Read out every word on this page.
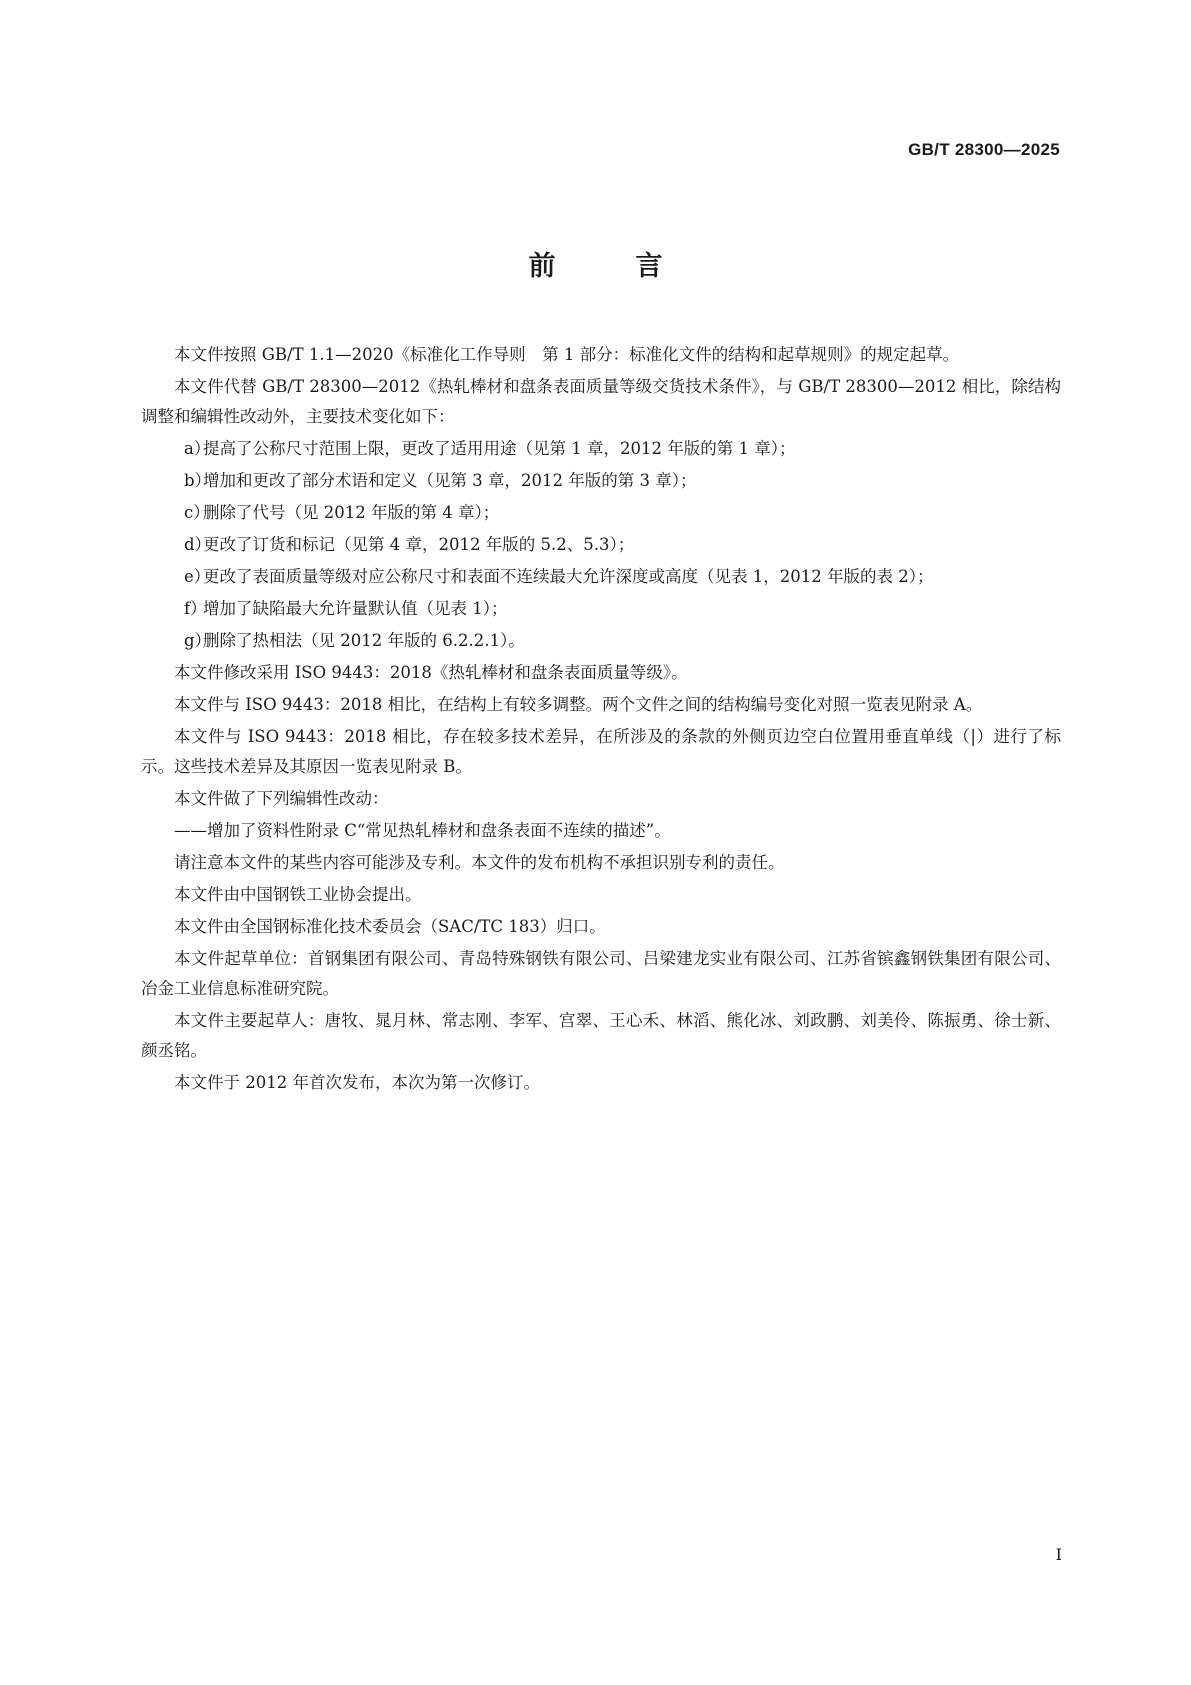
GB/T 28300—2025
前	言

本文件按照 GB/T 1.1—2020《标准化工作导则　第 1 部分：标准化文件的结构和起草规则》的规定起草。

本文件代替 GB/T 28300—2012《热轧棒材和盘条表面质量等级交货技术条件》，与 GB/T 28300—2012 相比，除结构调整和编辑性改动外，主要技术变化如下：

a）
提高了公称尺寸范围上限，更改了适用用途（见第 1 章，2012 年版的第 1 章）；
b）
增加和更改了部分术语和定义（见第 3 章，2012 年版的第 3 章）；
c）
删除了代号（见 2012 年版的第 4 章）；
d）
更改了订货和标记（见第 4 章，2012 年版的 5.2、5.3）；
e）
更改了表面质量等级对应公称尺寸和表面不连续最大允许深度或高度（见表 1，2012 年版的表 2）；
f）
增加了缺陷最大允许量默认值（见表 1）；
g）
删除了热相法（见 2012 年版的 6.2.2.1）。

本文件修改采用 ISO 9443：2018《热轧棒材和盘条表面质量等级》。

本文件与 ISO 9443：2018 相比，在结构上有较多调整。两个文件之间的结构编号变化对照一览表见附录 A。

本文件与 ISO 9443：2018 相比，存在较多技术差异，在所涉及的条款的外侧页边空白位置用垂直单线（|）进行了标示。这些技术差异及其原因一览表见附录 B。

本文件做了下列编辑性改动：

——增加了资料性附录 C“常见热轧棒材和盘条表面不连续的描述”。

请注意本文件的某些内容可能涉及专利。本文件的发布机构不承担识别专利的责任。

本文件由中国钢铁工业协会提出。

本文件由全国钢标准化技术委员会（SAC/TC 183）归口。

本文件起草单位：首钢集团有限公司、青岛特殊钢铁有限公司、吕梁建龙实业有限公司、江苏省镔鑫钢铁集团有限公司、冶金工业信息标准研究院。

本文件主要起草人：唐牧、晁月林、常志刚、李军、宫翠、王心禾、林滔、熊化冰、刘政鹏、刘美伶、陈振勇、徐士新、颜丞铭。

本文件于 2012 年首次发布，本次为第一次修订。

I
